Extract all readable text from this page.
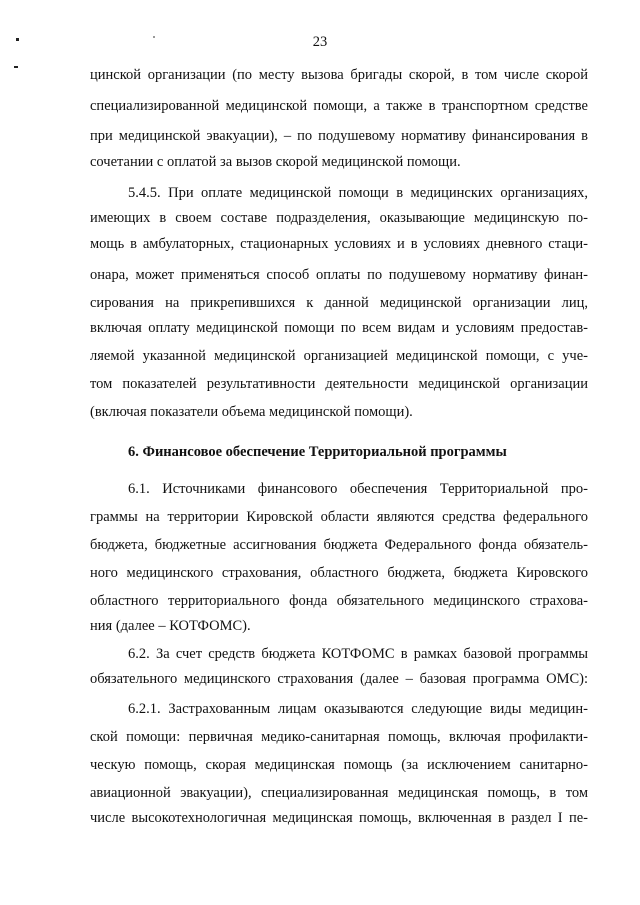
23
цинской организации (по месту вызова бригады скорой, в том числе скорой
специализированной медицинской помощи, а также в транспортном средстве
при медицинской эвакуации), – по подушевому нормативу финансирования в
сочетании с оплатой за вызов скорой медицинской помощи.
5.4.5. При оплате медицинской помощи в медицинских организациях,
имеющих в своем составе подразделения, оказывающие медицинскую по-
мощь в амбулаторных, стационарных условиях и в условиях дневного стаци-
онара, может применяться способ оплаты по подушевому нормативу финан-
сирования на прикрепившихся к данной медицинской организации лиц,
включая оплату медицинской помощи по всем видам и условиям предостав-
ляемой указанной медицинской организацией медицинской помощи, с уче-
том показателей результативности деятельности медицинской организации
(включая показатели объема медицинской помощи).
6. Финансовое обеспечение Территориальной программы
6.1. Источниками финансового обеспечения Территориальной про-
граммы на территории Кировской области являются средства федерального
бюджета, бюджетные ассигнования бюджета Федерального фонда обязатель-
ного медицинского страхования, областного бюджета, бюджета Кировского
областного территориального фонда обязательного медицинского страхова-
ния (далее – КОТФОМС).
6.2. За счет средств бюджета КОТФОМС в рамках базовой программы
обязательного медицинского страхования (далее – базовая программа ОМС):
6.2.1. Застрахованным лицам оказываются следующие виды медицин-
ской помощи: первичная медико-санитарная помощь, включая профилакти-
ческую помощь, скорая медицинская помощь (за исключением санитарно-
авиационной эвакуации), специализированная медицинская помощь, в том
числе высокотехнологичная медицинская помощь, включенная в раздел I пе-
